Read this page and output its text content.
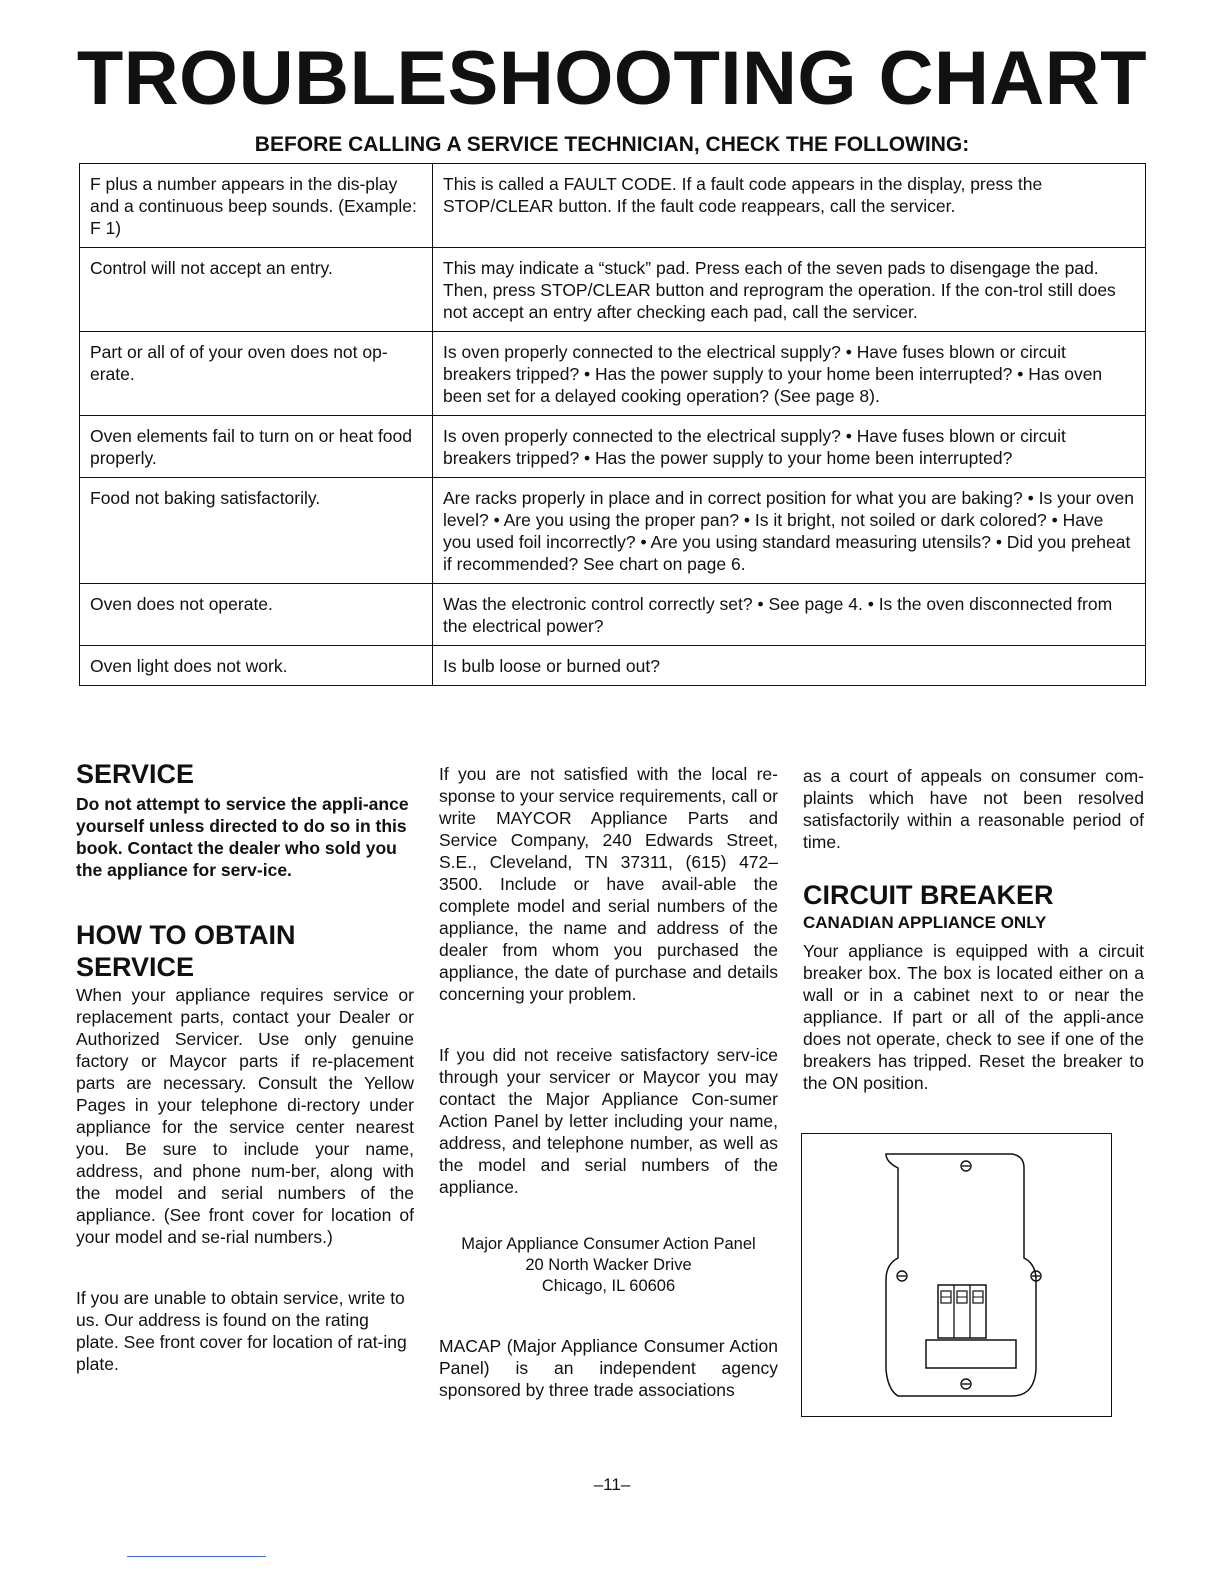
TROUBLESHOOTING CHART
BEFORE CALLING A SERVICE TECHNICIAN, CHECK THE FOLLOWING:
F plus a number appears in the dis-play and a continuous beep sounds. (Example: F 1)	This is called a FAULT CODE. If a fault code appears in the display, press the STOP/CLEAR button. If the fault code reappears, call the servicer.
Control will not accept an entry.	This may indicate a “stuck” pad. Press each of the seven pads to disengage the pad. Then, press STOP/CLEAR button and reprogram the operation. If the con-trol still does not accept an entry after checking each pad, call the servicer.
Part or all of of your oven does not op-erate.	Is oven properly connected to the electrical supply? • Have fuses blown or circuit breakers tripped? • Has the power supply to your home been interrupted? • Has oven been set for a delayed cooking operation? (See page 8).
Oven elements fail to turn on or heat food properly.	Is oven properly connected to the electrical supply? • Have fuses blown or circuit breakers tripped? • Has the power supply to your home been interrupted?
Food not baking satisfactorily.	Are racks properly in place and in correct position for what you are baking? • Is your oven level? • Are you using the proper pan? • Is it bright, not soiled or dark colored? • Have you used foil incorrectly? • Are you using standard measuring utensils? • Did you preheat if recommended? See chart on page 6.
Oven does not operate.	Was the electronic control correctly set? • See page 4. • Is the oven disconnected from the electrical power?
Oven light does not work.	Is bulb loose or burned out?
SERVICE

Do not attempt to service the appli-ance yourself unless directed to do so in this book. Contact the dealer who sold you the appliance for serv-ice.

HOW TO OBTAIN
SERVICE

When your appliance requires service or replacement parts, contact your Dealer or Authorized Servicer. Use only genuine factory or Maycor parts if re-placement parts are necessary. Consult the Yellow Pages in your telephone di-rectory under appliance for the service center nearest you. Be sure to include your name, address, and phone num-ber, along with the model and serial numbers of the appliance. (See front cover for location of your model and se-rial numbers.)

If you are unable to obtain service, write to us. Our address is found on the rating plate. See front cover for location of rat-ing plate.

If you are not satisfied with the local re-sponse to your service requirements, call or write MAYCOR Appliance Parts and Service Company, 240 Edwards Street, S.E., Cleveland, TN 37311, (615) 472–3500. Include or have avail-able the complete model and serial numbers of the appliance, the name and address of the dealer from whom you purchased the appliance, the date of purchase and details concerning your problem.

If you did not receive satisfactory serv-ice through your servicer or Maycor you may contact the Major Appliance Con-sumer Action Panel by letter including your name, address, and telephone number, as well as the model and serial numbers of the appliance.

Major Appliance Consumer Action Panel
20 North Wacker Drive
Chicago, IL 60606

MACAP (Major Appliance Consumer Action Panel) is an independent agency sponsored by three trade associations

as a court of appeals on consumer com-plaints which have not been resolved satisfactorily within a reasonable period of time.

CIRCUIT BREAKER
CANADIAN APPLIANCE ONLY

Your appliance is equipped with a circuit breaker box. The box is located either on a wall or in a cabinet next to or near the appliance. If part or all of the appli-ance does not operate, check to see if one of the breakers has tripped. Reset the breaker to the ON position.

–11–
